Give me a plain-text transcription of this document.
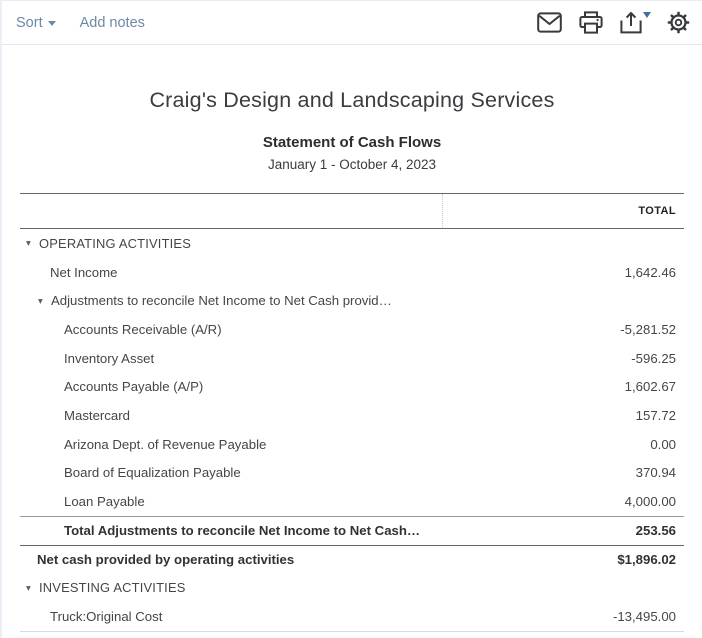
Sort	Add notes
Craig's Design and Landscaping Services
Statement of Cash Flows
January 1 - October 4, 2023
TOTAL
▾ OPERATING ACTIVITIES
Net Income	1,642.46
▾ Adjustments to reconcile Net Income to Net Cash provid…
Accounts Receivable (A/R)	-5,281.52
Inventory Asset	-596.25
Accounts Payable (A/P)	1,602.67
Mastercard	157.72
Arizona Dept. of Revenue Payable	0.00
Board of Equalization Payable	370.94
Loan Payable	4,000.00
Total Adjustments to reconcile Net Income to Net Cash…	253.56
Net cash provided by operating activities	$1,896.02
▾ INVESTING ACTIVITIES
Truck:Original Cost	-13,495.00
